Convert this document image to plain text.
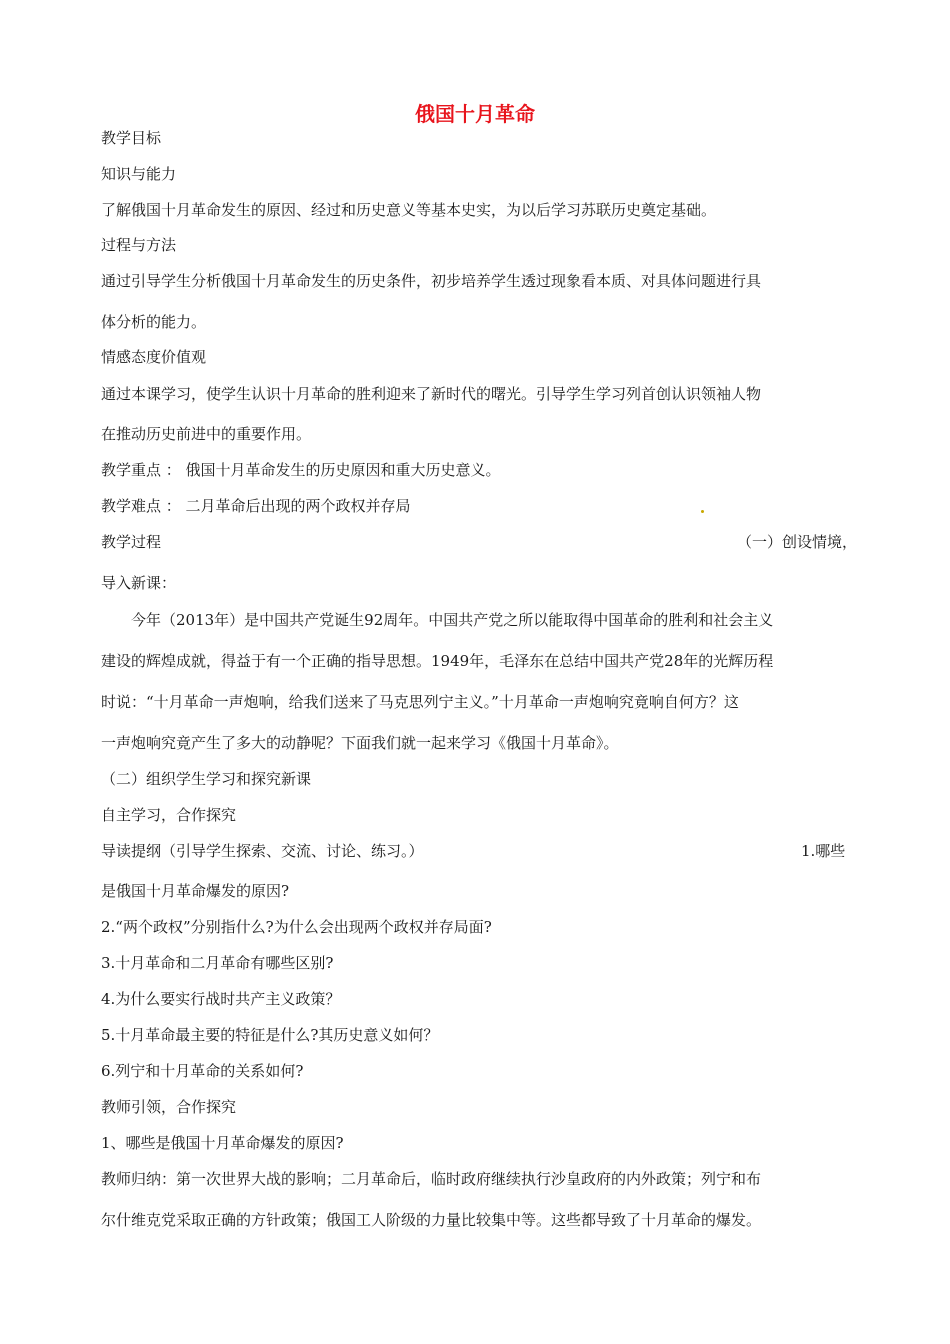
俄国十月革命
教学目标
知识与能力
了解俄国十月革命发生的原因、经过和历史意义等基本史实，为以后学习苏联历史奠定基础。
过程与方法
通过引导学生分析俄国十月革命发生的历史条件，初步培养学生透过现象看本质、对具体问题进行具
体分析的能力。
情感态度价值观
通过本课学习，使学生认识十月革命的胜利迎来了新时代的曙光。引导学生学习列首创认识领袖人物
在推动历史前进中的重要作用。
教学重点 ： 俄国十月革命发生的历史原因和重大历史意义。
教学难点 ： 二月革命后出现的两个政权并存局
教学过程	（一）创设情境，
导入新课：
今年（2013年）是中国共产党诞生92周年。中国共产党之所以能取得中国革命的胜利和社会主义
建设的辉煌成就，得益于有一个正确的指导思想。1949年，毛泽东在总结中国共产党28年的光辉历程
时说：“十月革命一声炮响，给我们送来了马克思列宁主义。”十月革命一声炮响究竟响自何方？这
一声炮响究竟产生了多大的动静呢？下面我们就一起来学习《俄国十月革命》。
（二）组织学生学习和探究新课
自主学习，合作探究
导读提纲（引导学生探索、交流、讨论、练习。）	1.哪些
是俄国十月革命爆发的原因?
2.“两个政权”分别指什么?为什么会出现两个政权并存局面?
3.十月革命和二月革命有哪些区别?
4.为什么要实行战时共产主义政策？
5.十月革命最主要的特征是什么?其历史意义如何？
6.列宁和十月革命的关系如何?
教师引领，合作探究
1、哪些是俄国十月革命爆发的原因?
教师归纳：第一次世界大战的影响；二月革命后，临时政府继续执行沙皇政府的内外政策；列宁和布
尔什维克党采取正确的方针政策；俄国工人阶级的力量比较集中等。这些都导致了十月革命的爆发。
